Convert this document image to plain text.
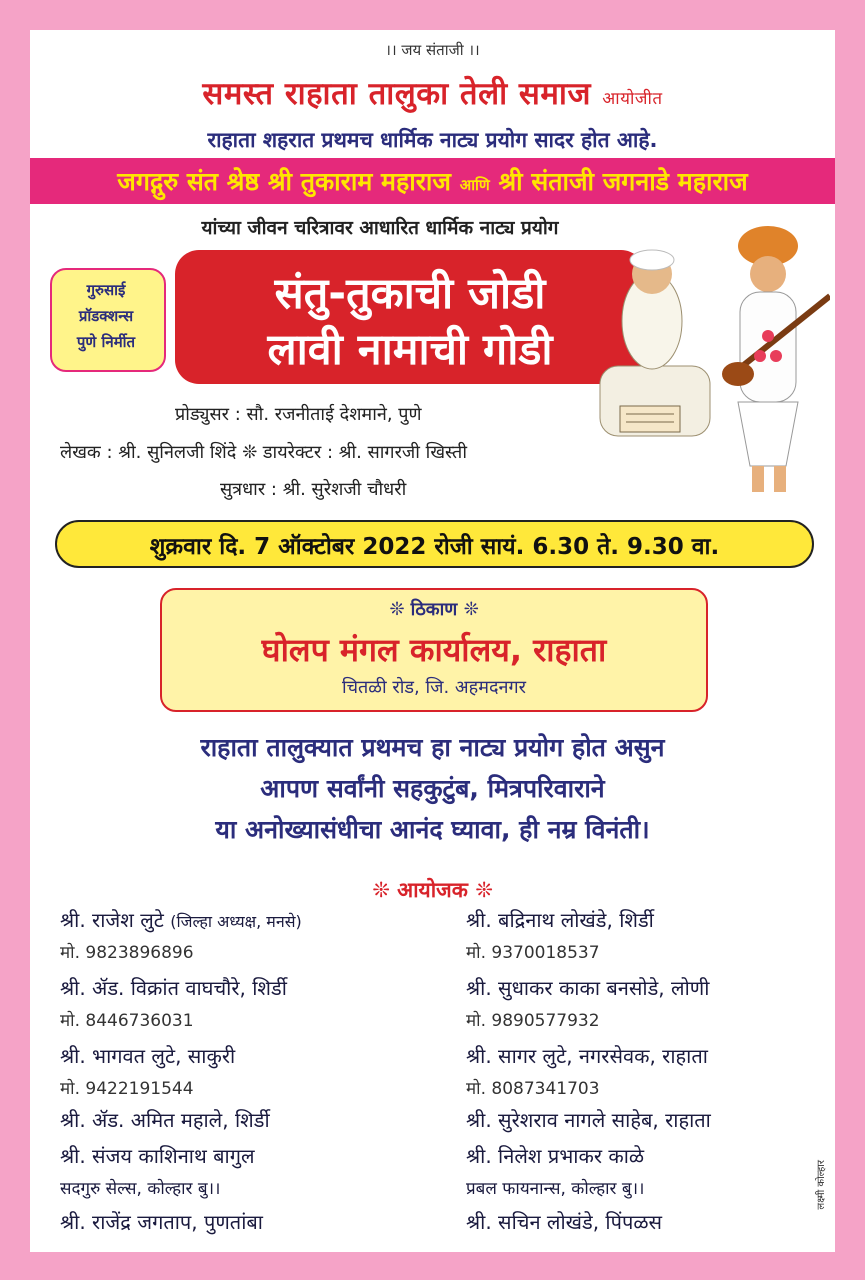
।। जय संताजी ।।
समस्त राहाता तालुका तेली समाज आयोजीत
राहाता शहरात प्रथमच धार्मिक नाट्य प्रयोग सादर होत आहे.
जगद्गुरु संत श्रेष्ठ श्री तुकाराम महाराज आणि श्री संताजी जगनाडे महाराज
यांच्या जीवन चरित्रावर आधारित धार्मिक नाट्य प्रयोग
गुरुसाई
प्रॉडक्शन्स
पुणे निर्मीत
संतु-तुकाची जोडी
लावी नामाची गोडी
प्रोड्युसर : सौ. रजनीताई देशमाने, पुणे
लेखक : श्री. सुनिलजी शिंदे ❊ डायरेक्टर : श्री. सागरजी खिस्ती
सुत्रधार : श्री. सुरेशजी चौधरी
शुक्रवार दि. 7 ऑक्टोबर 2022 रोजी सायं. 6.30 ते. 9.30 वा.
❊ ठिकाण ❊
घोलप मंगल कार्यालय, राहाता
चितळी रोड, जि. अहमदनगर
राहाता तालुक्यात प्रथमच हा नाट्य प्रयोग होत असुन
आपण सर्वांनी सहकुटुंब, मित्रपरिवाराने
या अनोख्यासंधीचा आनंद घ्यावा, ही नम्र विनंती।
❊ आयोजक ❊
श्री. राजेश लुटे (जिल्हा अध्यक्ष, मनसे)
मो. 9823896896
श्री. ॲड. विक्रांत वाघचौरे, शिर्डी
मो. 8446736031
श्री. भागवत लुटे, साकुरी
मो. 9422191544
श्री. ॲड. अमित महाले, शिर्डी
श्री. संजय काशिनाथ बागुल
सदगुरु सेल्स, कोल्हार बु।।
श्री. राजेंद्र जगताप, पुणतांबा
श्री. बद्रिनाथ लोखंडे, शिर्डी
मो. 9370018537
श्री. सुधाकर काका बनसोडे, लोणी
मो. 9890577932
श्री. सागर लुटे, नगरसेवक, राहाता
मो. 8087341703
श्री. सुरेशराव नागले साहेब, राहाता
श्री. निलेश प्रभाकर काळे
प्रबल फायनान्स, कोल्हार बु।।
श्री. सचिन लोखंडे, पिंपळस
लक्ष्मी कोल्हार
